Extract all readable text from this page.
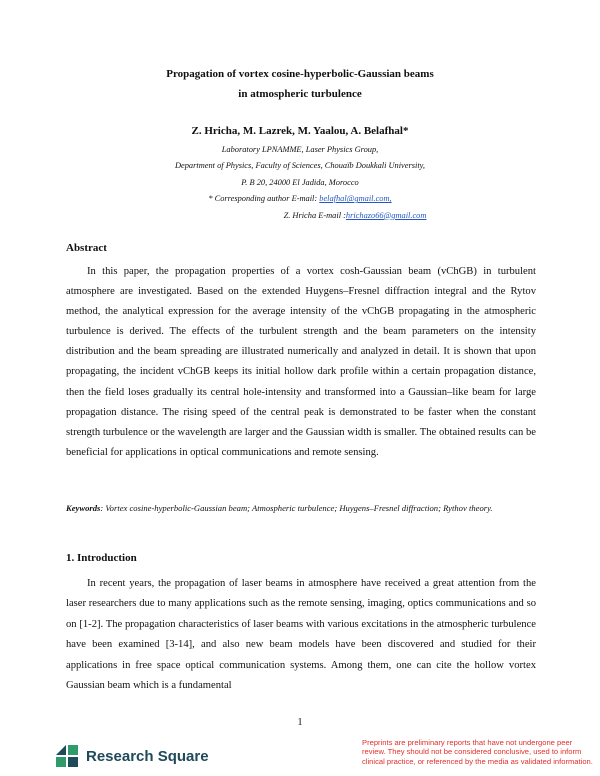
Propagation of vortex cosine-hyperbolic-Gaussian beams
in atmospheric turbulence
Z. Hricha, M. Lazrek, M. Yaalou, A. Belafhal*
Laboratory LPNAMME, Laser Physics Group,
Department of Physics, Faculty of Sciences, Chouaïb Doukkali University,
P. B 20, 24000 El Jadida, Morocco
* Corresponding author E-mail: belafhal@gmail.com,
Z. Hricha E-mail :hrichazo66@gmail.com
Abstract
In this paper, the propagation properties of a vortex cosh-Gaussian beam (vChGB) in turbulent atmosphere are investigated. Based on the extended Huygens–Fresnel diffraction integral and the Rytov method, the analytical expression for the average intensity of the vChGB propagating in the atmospheric turbulence is derived. The effects of the turbulent strength and the beam parameters on the intensity distribution and the beam spreading are illustrated numerically and analyzed in detail. It is shown that upon propagating, the incident vChGB keeps its initial hollow dark profile within a certain propagation distance, then the field loses gradually its central hole-intensity and transformed into a Gaussian–like beam for large propagation distance. The rising speed of the central peak is demonstrated to be faster when the constant strength turbulence or the wavelength are larger and the Gaussian width is smaller. The obtained results can be beneficial for applications in optical communications and remote sensing.
Keywords: Vortex cosine-hyperbolic-Gaussian beam; Atmospheric turbulence; Huygens–Fresnel diffraction; Rythov theory.
1. Introduction
In recent years, the propagation of laser beams in atmosphere have received a great attention from the laser researchers due to many applications such as the remote sensing, imaging, optics communications and so on [1-2]. The propagation characteristics of laser beams with various excitations in the atmospheric turbulence have been examined [3-14], and also new beam models have been discovered and studied for their applications in free space optical communication systems. Among them, one can cite the hollow vortex Gaussian beam which is a fundamental
1
Research Square
Preprints are preliminary reports that have not undergone peer review. They should not be considered conclusive, used to inform clinical practice, or referenced by the media as validated information.
